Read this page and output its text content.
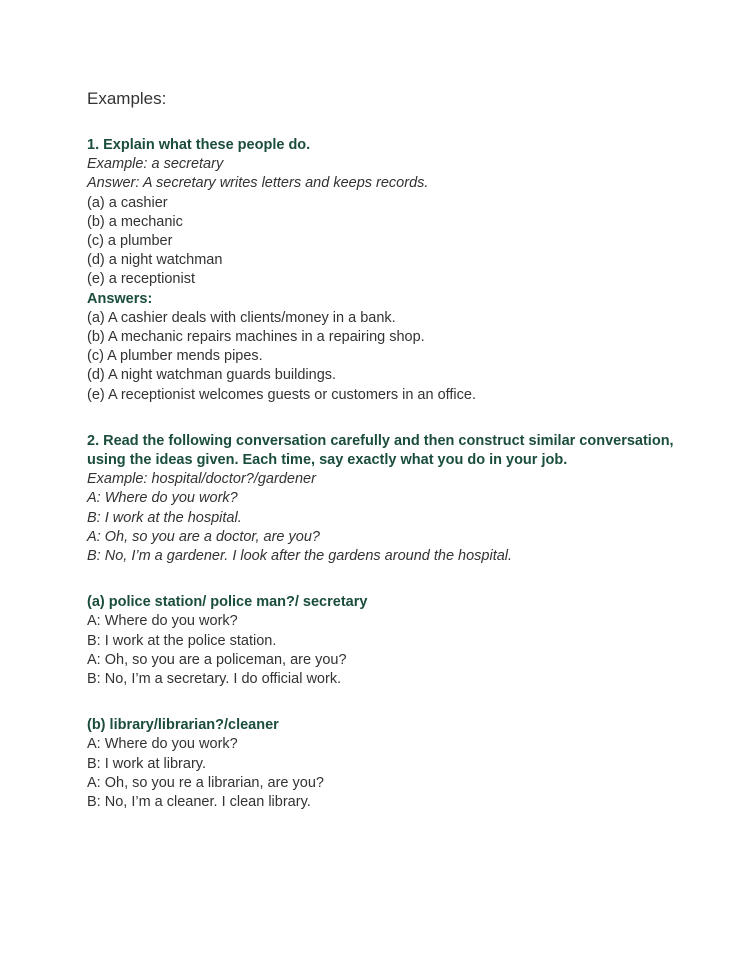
Examples:

1. Explain what these people do.

Example: a secretary

Answer: A secretary writes letters and keeps records.

(a) a cashier

(b) a mechanic

(c) a plumber

(d) a night watchman

(e) a receptionist

Answers:

(a) A cashier deals with clients/money in a bank.

(b) A mechanic repairs machines in a repairing shop.

(c) A plumber mends pipes.

(d) A night watchman guards buildings.

(e) A receptionist welcomes guests or customers in an office.

2. Read the following conversation carefully and then construct similar conversation,

using the ideas given. Each time, say exactly what you do in your job.

Example: hospital/doctor?/gardener

A: Where do you work?

B: I work at the hospital.

A: Oh, so you are a doctor, are you?

B: No, I’m a gardener. I look after the gardens around the hospital.

(a) police station/ police man?/ secretary

A: Where do you work?

B: I work at the police station.

A: Oh, so you are a policeman, are you?

B: No, I’m a secretary. I do official work.

(b) library/librarian?/cleaner

A: Where do you work?

B: I work at library.

A: Oh, so you re a librarian, are you?

B: No, I’m a cleaner. I clean library.
